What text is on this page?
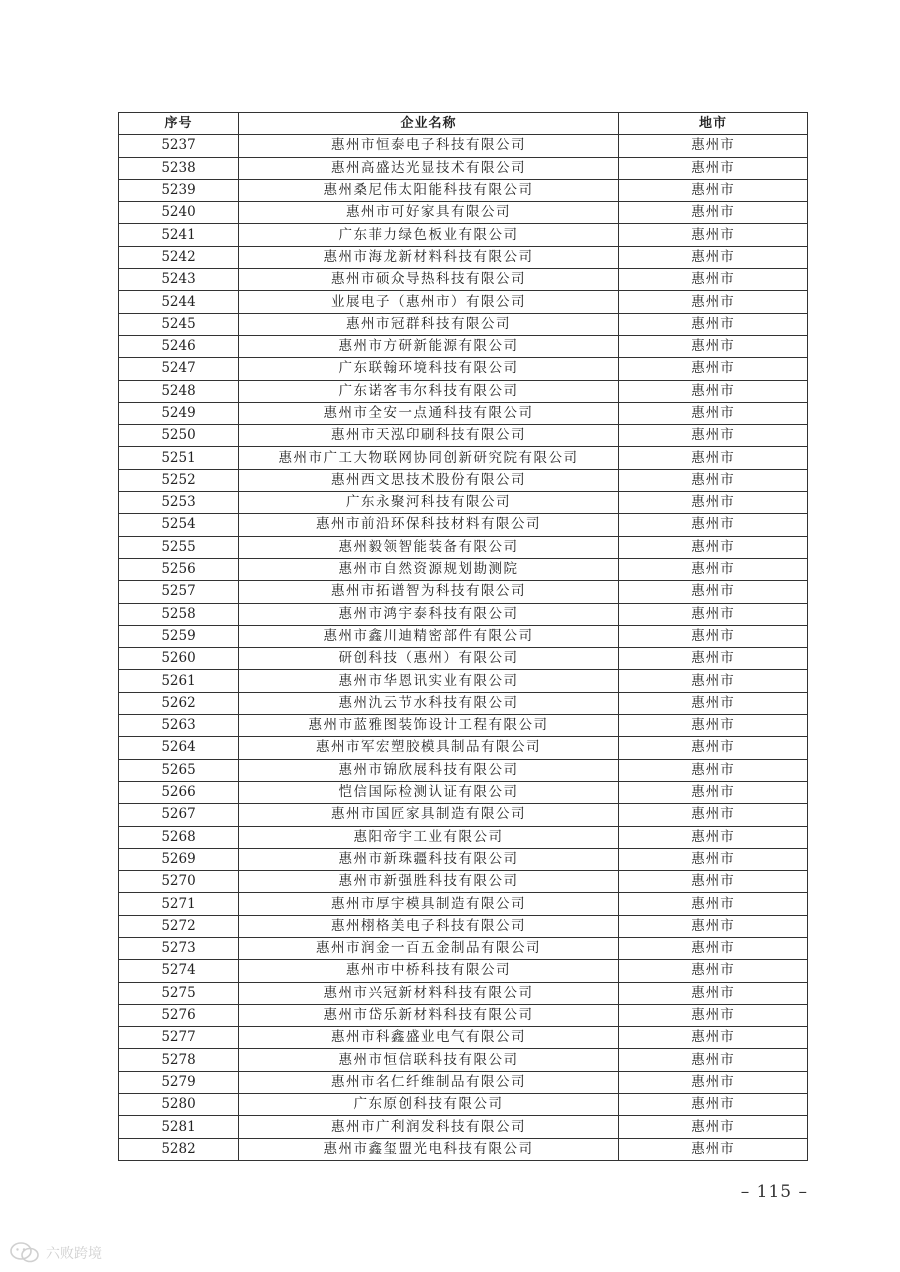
序号	企业名称	地市
5237	惠州市恒泰电子科技有限公司	惠州市
5238	惠州高盛达光显技术有限公司	惠州市
5239	惠州桑尼伟太阳能科技有限公司	惠州市
5240	惠州市可好家具有限公司	惠州市
5241	广东菲力绿色板业有限公司	惠州市
5242	惠州市海龙新材料科技有限公司	惠州市
5243	惠州市硕众导热科技有限公司	惠州市
5244	业展电子（惠州市）有限公司	惠州市
5245	惠州市冠群科技有限公司	惠州市
5246	惠州市方研新能源有限公司	惠州市
5247	广东联翰环境科技有限公司	惠州市
5248	广东诺客韦尔科技有限公司	惠州市
5249	惠州市全安一点通科技有限公司	惠州市
5250	惠州市天泓印刷科技有限公司	惠州市
5251	惠州市广工大物联网协同创新研究院有限公司	惠州市
5252	惠州西文思技术股份有限公司	惠州市
5253	广东永聚河科技有限公司	惠州市
5254	惠州市前沿环保科技材料有限公司	惠州市
5255	惠州毅领智能装备有限公司	惠州市
5256	惠州市自然资源规划勘测院	惠州市
5257	惠州市拓谱智为科技有限公司	惠州市
5258	惠州市鸿宇泰科技有限公司	惠州市
5259	惠州市鑫川迪精密部件有限公司	惠州市
5260	研创科技（惠州）有限公司	惠州市
5261	惠州市华恩讯实业有限公司	惠州市
5262	惠州氿云节水科技有限公司	惠州市
5263	惠州市蓝雅图装饰设计工程有限公司	惠州市
5264	惠州市军宏塑胶模具制品有限公司	惠州市
5265	惠州市锦欣展科技有限公司	惠州市
5266	恺信国际检测认证有限公司	惠州市
5267	惠州市国匠家具制造有限公司	惠州市
5268	惠阳帝宇工业有限公司	惠州市
5269	惠州市新珠疆科技有限公司	惠州市
5270	惠州市新强胜科技有限公司	惠州市
5271	惠州市厚宇模具制造有限公司	惠州市
5272	惠州栩格美电子科技有限公司	惠州市
5273	惠州市润金一百五金制品有限公司	惠州市
5274	惠州市中桥科技有限公司	惠州市
5275	惠州市兴冠新材料科技有限公司	惠州市
5276	惠州市岱乐新材料科技有限公司	惠州市
5277	惠州市科鑫盛业电气有限公司	惠州市
5278	惠州市恒信联科技有限公司	惠州市
5279	惠州市名仁纤维制品有限公司	惠州市
5280	广东原创科技有限公司	惠州市
5281	惠州市广利润发科技有限公司	惠州市
5282	惠州市鑫玺盟光电科技有限公司	惠州市
– 115 –
六败跨境
